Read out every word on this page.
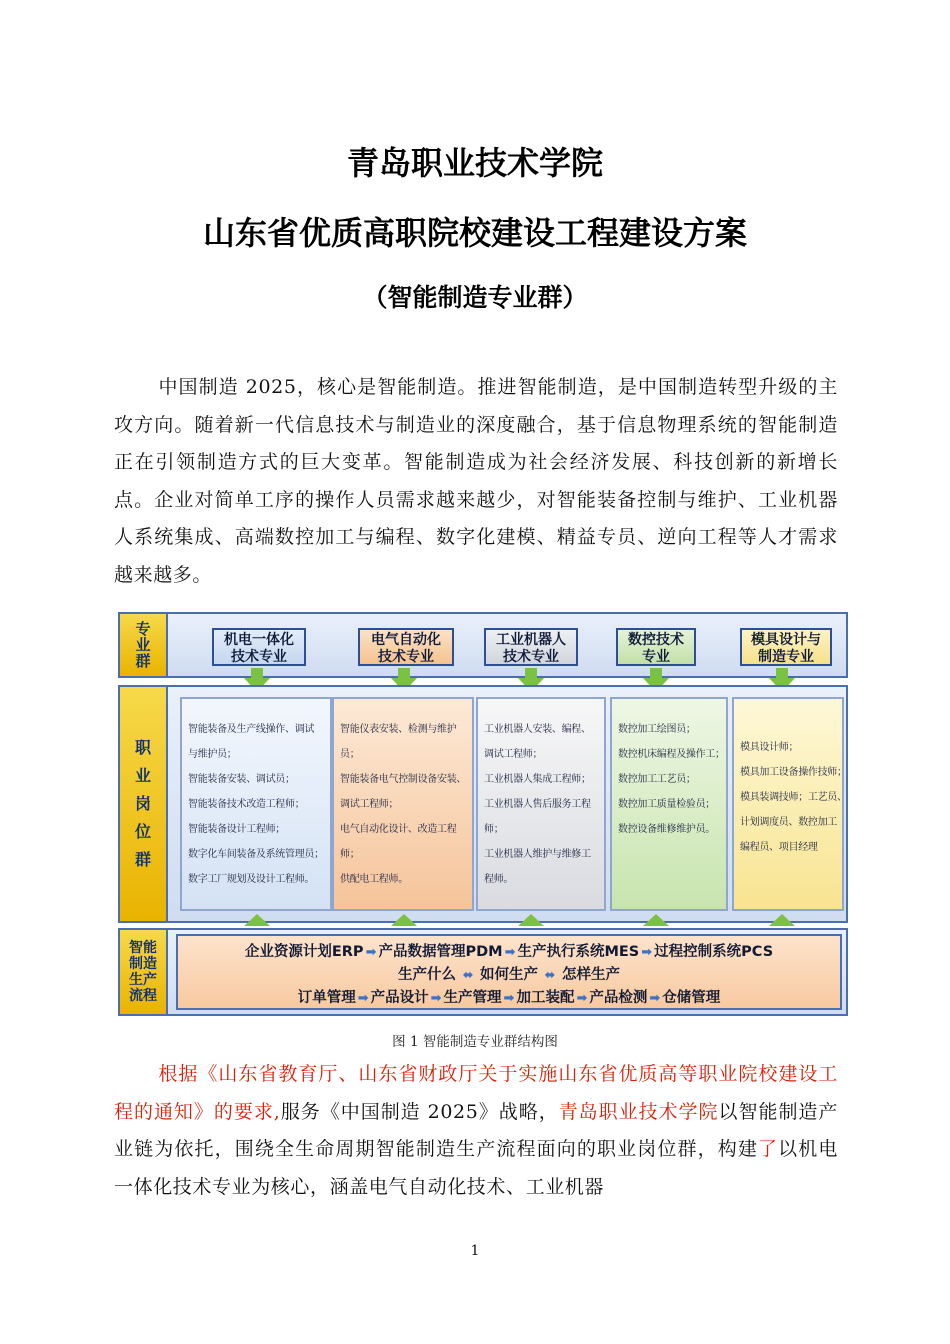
青岛职业技术学院
山东省优质高职院校建设工程建设方案
（智能制造专业群）
中国制造 2025，核心是智能制造。推进智能制造，是中国制造转型升级的主攻方向。随着新一代信息技术与制造业的深度融合，基于信息物理系统的智能制造正在引领制造方式的巨大变革。智能制造成为社会经济发展、科技创新的新增长点。企业对简单工序的操作人员需求越来越少，对智能装备控制与维护、工业机器人系统集成、高端数控加工与编程、数字化建模、精益专员、逆向工程等人才需求越来越多。
专业群
机电一体化
技术专业
电气自动化
技术专业
工业机器人
技术专业
数控技术
专业
模具设计与
制造专业
职业岗位群
智能装备及生产线操作、调试
与维护员；
智能装备安装、调试员；
智能装备技术改造工程师；
智能装备设计工程师；
数字化车间装备及系统管理员；
数字工厂规划及设计工程师。
智能仪表安装、检测与维护
员；
智能装备电气控制设备安装、
调试工程师；
电气自动化设计、改造工程
师；
供配电工程师。
工业机器人安装、编程、
调试工程师；
工业机器人集成工程师；
工业机器人售后服务工程
师；
工业机器人维护与维修工
程师。
数控加工绘图员；
数控机床编程及操作工；
数控加工工艺员；
数控加工质量检验员；
数控设备维修维护员。
模具设计师；
模具加工设备操作技师；
模具装调技师；工艺员、
计划调度员、数控加工
编程员、项目经理
智能制造生产流程
企业资源计划ERP ➡ 产品数据管理PDM ➡ 生产执行系统MES ➡ 过程控制系统PCS
生产什么 ⬌ 如何生产 ⬌ 怎样生产
订单管理 ➡ 产品设计 ➡ 生产管理 ➡ 加工装配 ➡ 产品检测 ➡ 仓储管理
图 1 智能制造专业群结构图
根据《山东省教育厅、山东省财政厅关于实施山东省优质高等职业院校建设工程的通知》的要求,服务《中国制造 2025》战略，青岛职业技术学院以智能制造产业链为依托，围绕全生命周期智能制造生产流程面向的职业岗位群，构建了以机电一体化技术专业为核心，涵盖电气自动化技术、工业机器
1
